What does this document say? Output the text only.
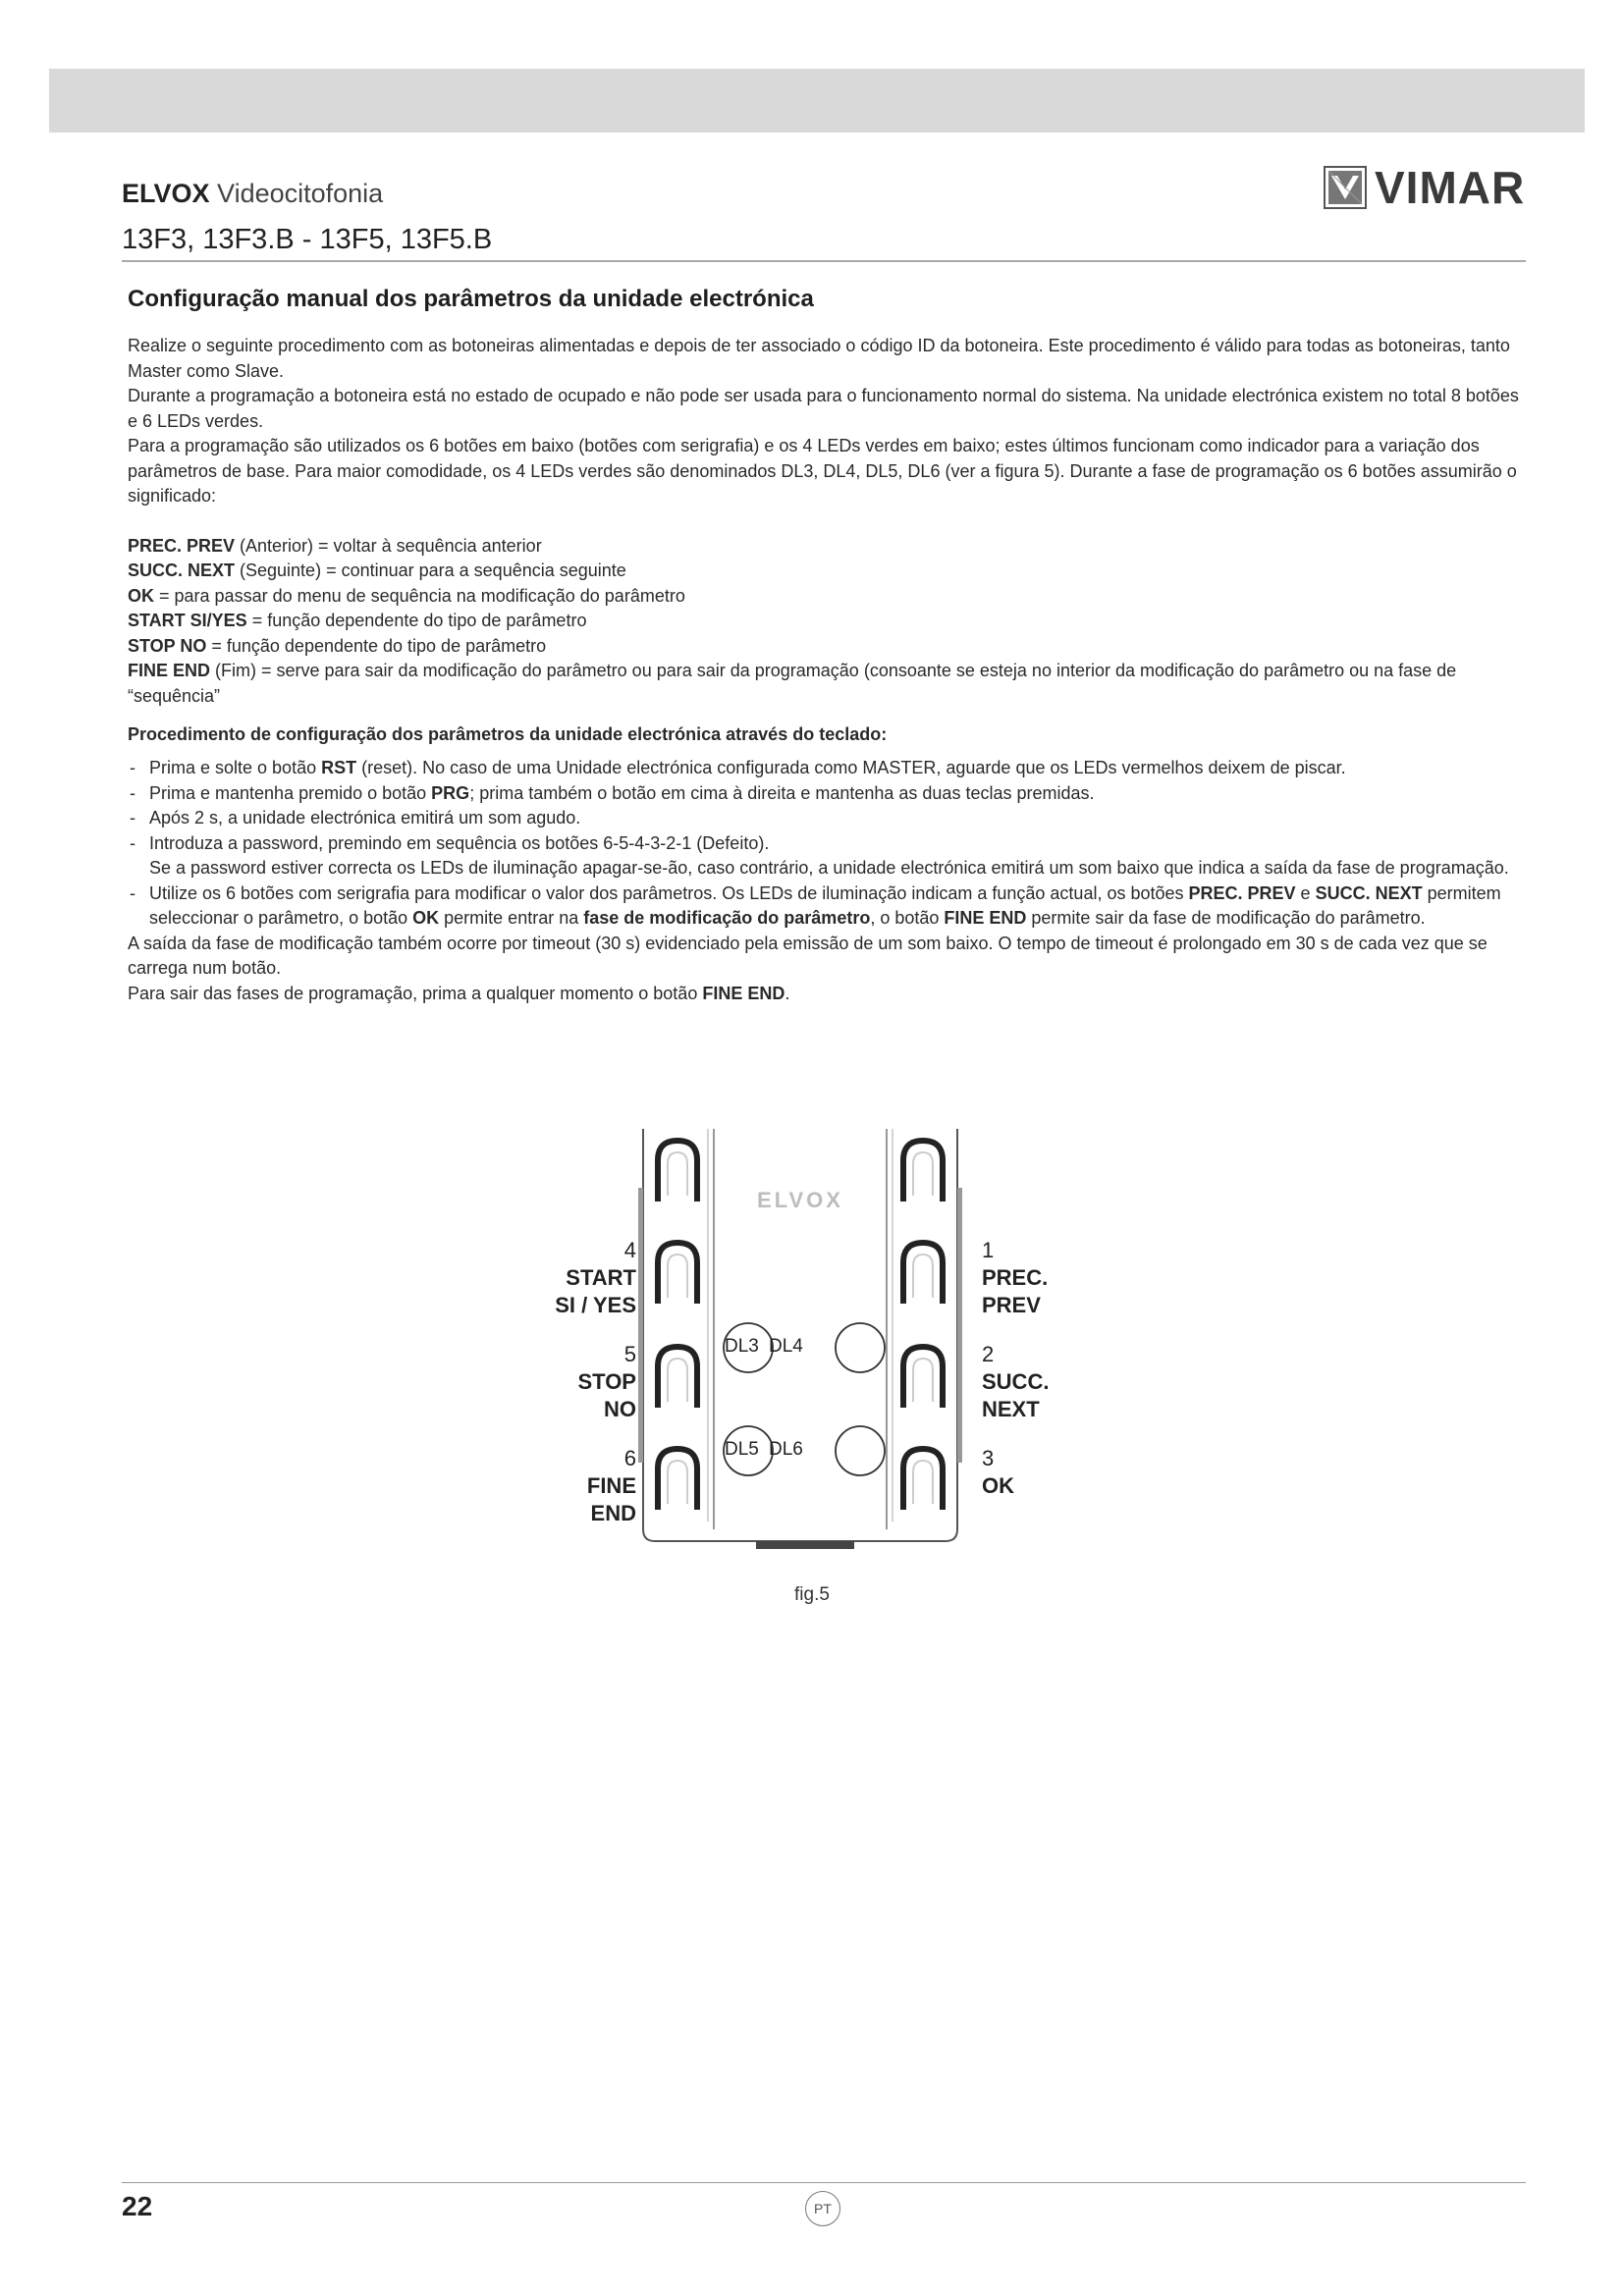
ELVOX Videocitofonia	VIMAR
13F3, 13F3.B - 13F5, 13F5.B
Configuração manual dos parâmetros da unidade electrónica

Realize o seguinte procedimento com as botoneiras alimentadas e depois de ter associado o código ID da botoneira. Este procedimento é válido para todas as botoneiras, tanto Master como Slave.

Durante a programação a botoneira está no estado de ocupado e não pode ser usada para o funcionamento normal do sistema. Na unidade electrónica existem no total 8 botões e 6 LEDs verdes.

Para a programação são utilizados os 6 botões em baixo (botões com serigrafia) e os 4 LEDs verdes em baixo; estes últimos funcionam como indicador para a variação dos parâmetros de base. Para maior comodidade, os 4 LEDs verdes são denominados DL3, DL4, DL5, DL6 (ver a figura 5). Durante a fase de programação os 6 botões assumirão o significado:

PREC. PREV (Anterior) = voltar à sequência anterior

SUCC. NEXT (Seguinte) = continuar para a sequência seguinte

OK = para passar do menu de sequência na modificação do parâmetro

START SI/YES = função dependente do tipo de parâmetro

STOP NO = função dependente do tipo de parâmetro

FINE END (Fim) = serve para sair da modificação do parâmetro ou para sair da programação (consoante se esteja no interior da modificação do parâmetro ou na fase de “sequência”

Procedimento de configuração dos parâmetros da unidade electrónica através do teclado:
- Prima e solte o botão RST (reset). No caso de uma Unidade electrónica configurada como MASTER, aguarde que os LEDs vermelhos deixem de piscar.
- Prima e mantenha premido o botão PRG; prima também o botão em cima à direita e mantenha as duas teclas premidas.
- Após 2 s, a unidade electrónica emitirá um som agudo.
- Introduza a password, premindo em sequência os botões 6-5-4-3-2-1 (Defeito).
Se a password estiver correcta os LEDs de iluminação apagar-se-ão, caso contrário, a unidade electrónica emitirá um som baixo que indica a saída da fase de programação.
- Utilize os 6 botões com serigrafia para modificar o valor dos parâmetros. Os LEDs de iluminação indicam a função actual, os botões PREC. PREV e SUCC. NEXT permitem seleccionar o parâmetro, o botão OK permite entrar na fase de modificação do parâmetro, o botão FINE END permite sair da fase de modificação do parâmetro.

A saída da fase de modificação também ocorre por timeout (30 s) evidenciado pela emissão de um som baixo. O tempo de timeout é prolongado em 30 s de cada vez que se carrega num botão.

Para sair das fases de programação, prima a qualquer momento o botão FINE END.

ELVOX
DL3 DL4
DL5 DL6
4
START
SI / YES
5
STOP
NO
6
FINE
END
1
PREC.
PREV
2
SUCC.
NEXT
3
OK
fig.5
22	PT
